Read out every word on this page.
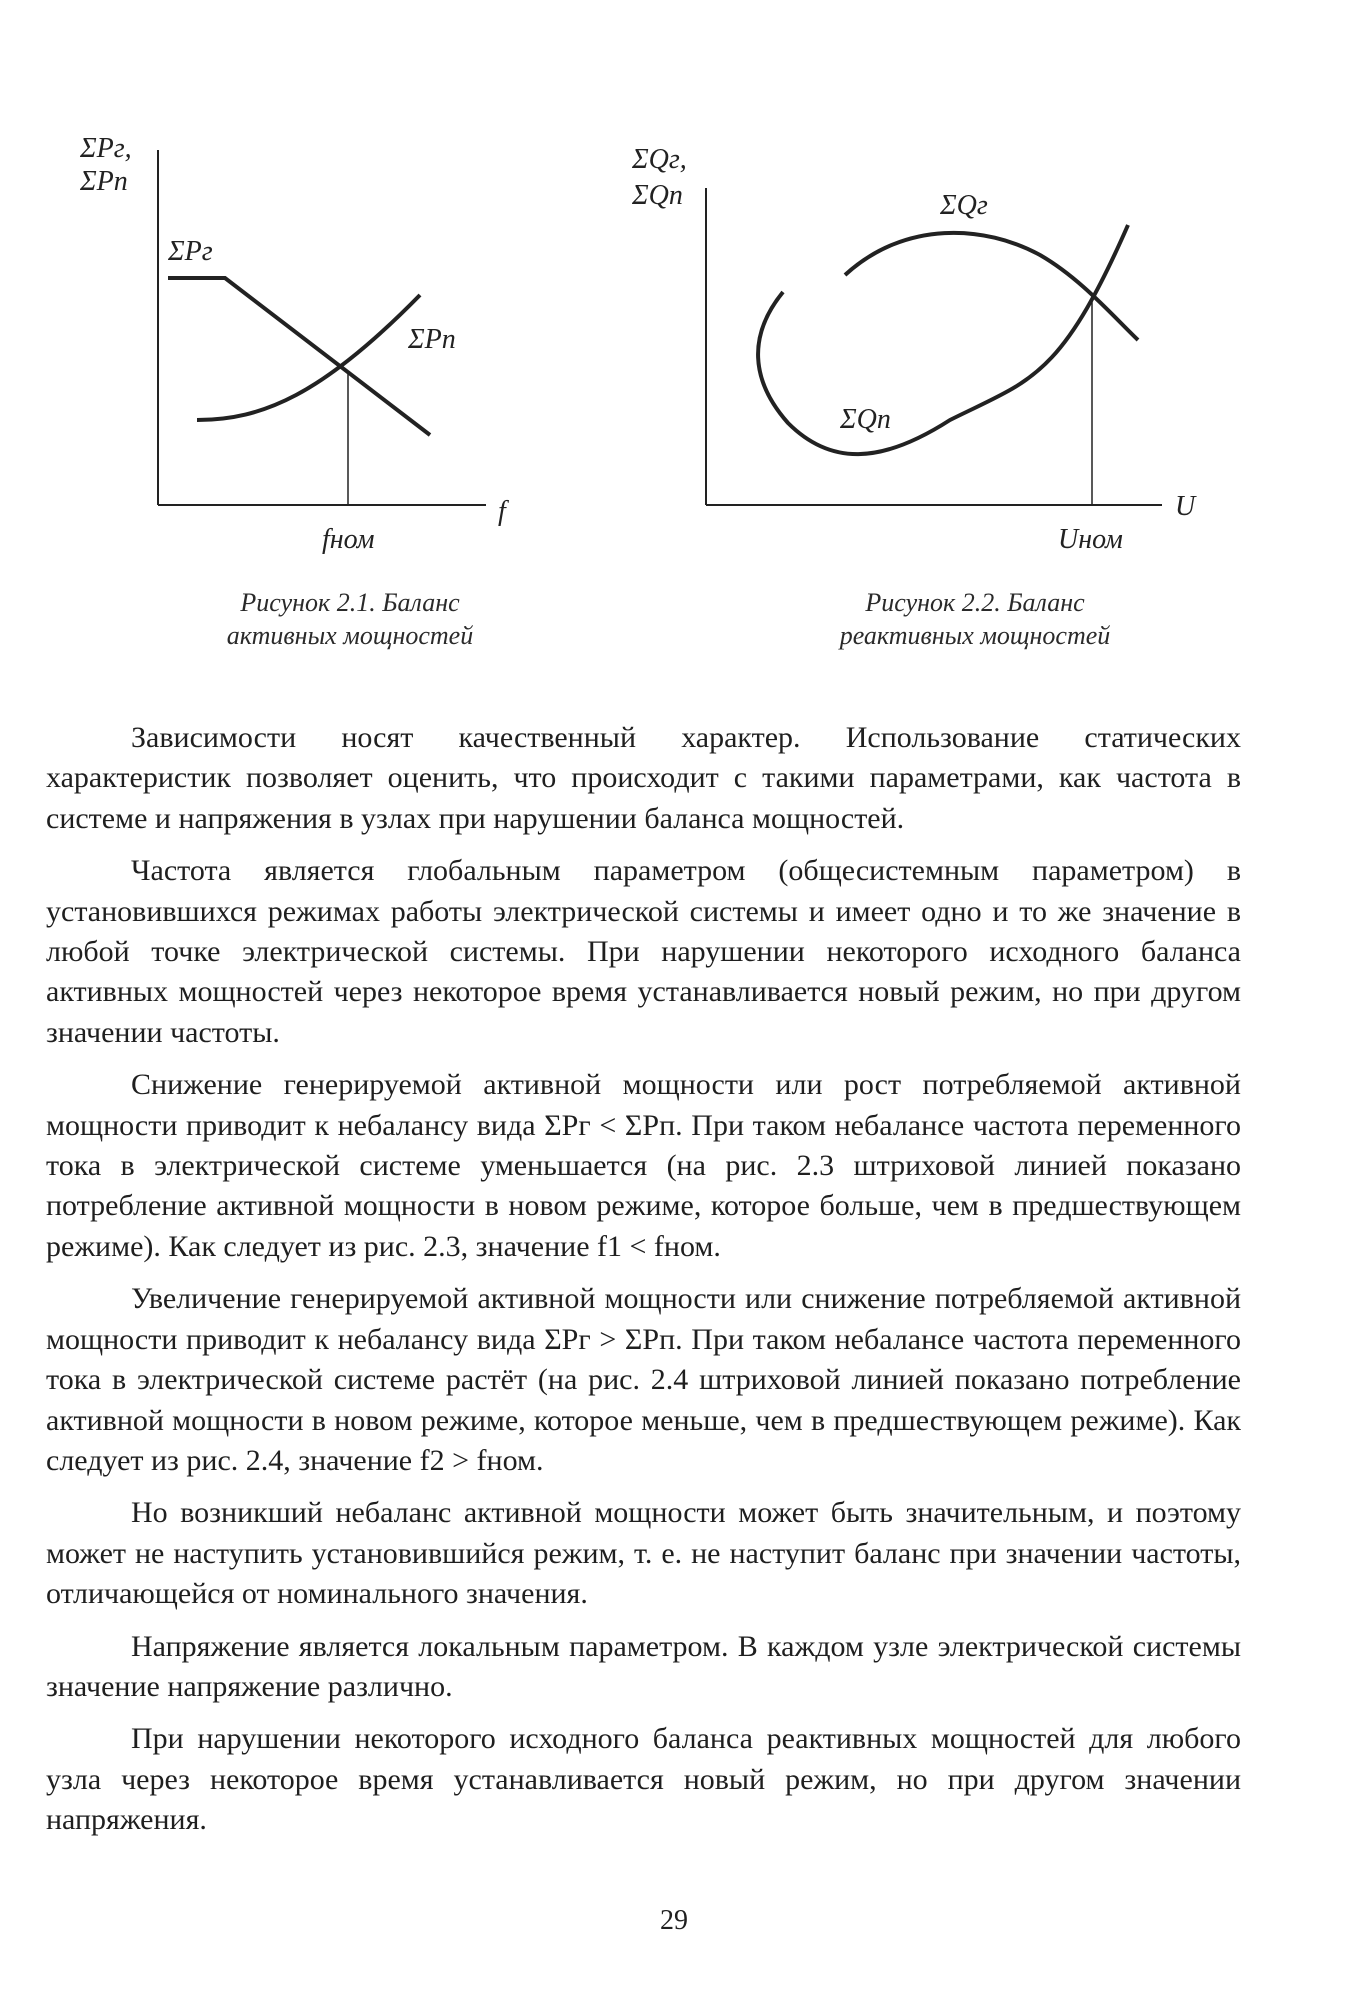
ΣPг,
ΣPп
ΣPг
ΣPп
f
fном
Рисунок 2.1. Баланс
активных мощностей
ΣQг,
ΣQп	ΣQг
ΣQп
U
Uном
Рисунок 2.2. Баланс
реактивных мощностей

Зависимости носят качественный характер. Использование статических характеристик позволяет оценить, что происходит с такими параметрами, как частота в системе и напряжения в узлах при нарушении баланса мощностей.

Частота является глобальным параметром (общесистемным параметром) в установившихся режимах работы электрической системы и имеет одно и то же значение в любой точке электрической системы. При нарушении некоторого исходного баланса активных мощностей через некоторое время устанавливается новый режим, но при другом значении частоты.

Снижение генерируемой активной мощности или рост потребляемой активной мощности приводит к небалансу вида ΣPг < ΣPп. При таком небалансе частота переменного тока в электрической системе уменьшается (на рис. 2.3 штриховой линией показано потребление активной мощности в новом режиме, которое больше, чем в предшествующем режиме). Как следует из рис. 2.3, значение f1 < fном.

Увеличение генерируемой активной мощности или снижение потребляемой активной мощности приводит к небалансу вида ΣPг > ΣPп. При таком небалансе частота переменного тока в электрической системе растёт (на рис. 2.4 штриховой линией показано потребление активной мощности в новом режиме, которое меньше, чем в предшествующем режиме). Как следует из рис. 2.4, значение f2 > fном.

Но возникший небаланс активной мощности может быть значительным, и поэтому может не наступить установившийся режим, т. е. не наступит баланс при значении частоты, отличающейся от номинального значения.

Напряжение является локальным параметром. В каждом узле электрической системы значение напряжение различно.

При нарушении некоторого исходного баланса реактивных мощностей для любого узла через некоторое время устанавливается новый режим, но при другом значении напряжения.

29
